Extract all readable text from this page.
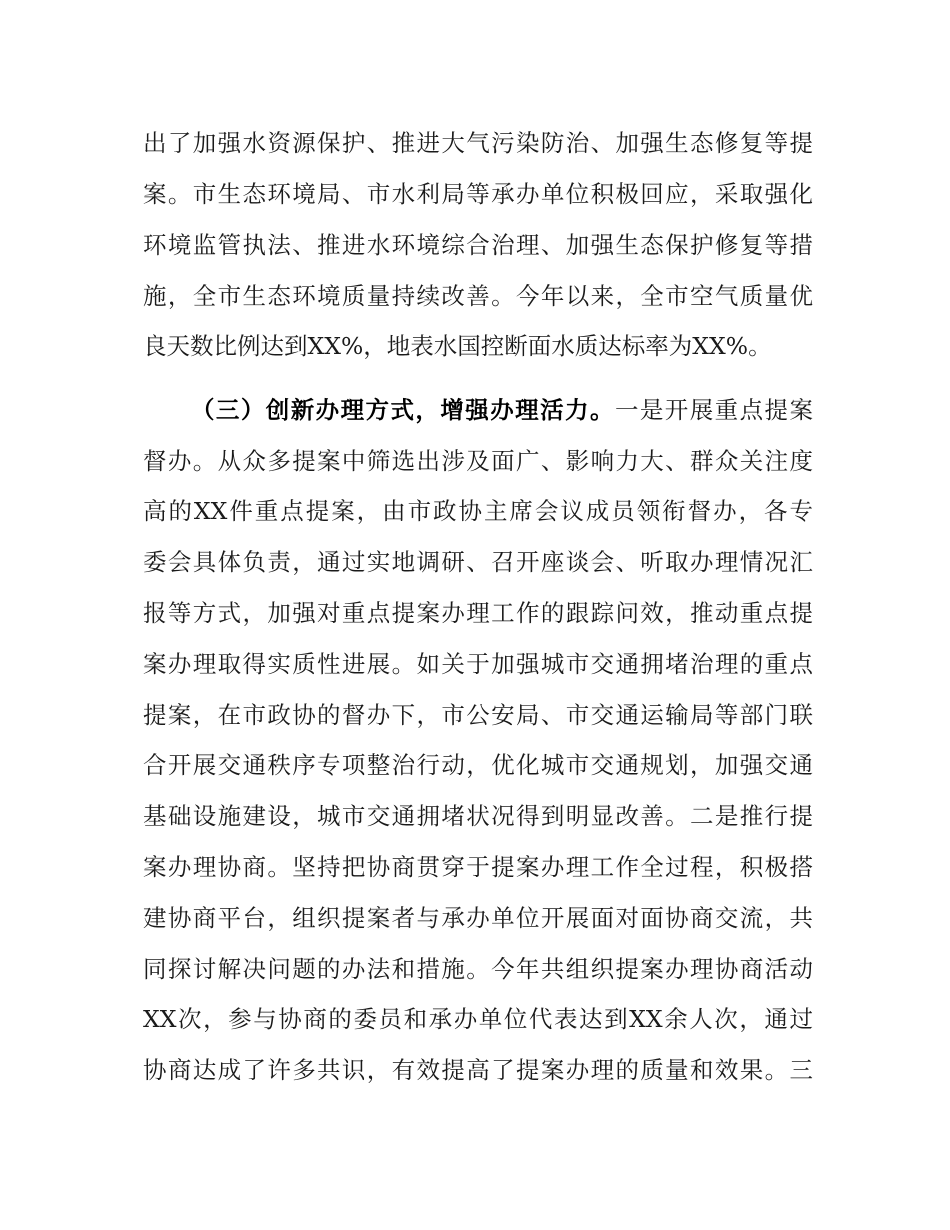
出了加强水资源保护、推进大气污染防治、加强生态修复等提
案。市生态环境局、市水利局等承办单位积极回应，采取强化
环境监管执法、推进水环境综合治理、加强生态保护修复等措
施，全市生态环境质量持续改善。今年以来，全市空气质量优
良天数比例达到XX%，地表水国控断面水质达标率为XX%。
（三）创新办理方式，增强办理活力。一是开展重点提案
督办。从众多提案中筛选出涉及面广、影响力大、群众关注度
高的XX件重点提案，由市政协主席会议成员领衔督办，各专
委会具体负责，通过实地调研、召开座谈会、听取办理情况汇
报等方式，加强对重点提案办理工作的跟踪问效，推动重点提
案办理取得实质性进展。如关于加强城市交通拥堵治理的重点
提案，在市政协的督办下，市公安局、市交通运输局等部门联
合开展交通秩序专项整治行动，优化城市交通规划，加强交通
基础设施建设，城市交通拥堵状况得到明显改善。二是推行提
案办理协商。坚持把协商贯穿于提案办理工作全过程，积极搭
建协商平台，组织提案者与承办单位开展面对面协商交流，共
同探讨解决问题的办法和措施。今年共组织提案办理协商活动
XX次，参与协商的委员和承办单位代表达到XX余人次，通过
协商达成了许多共识，有效提高了提案办理的质量和效果。三
